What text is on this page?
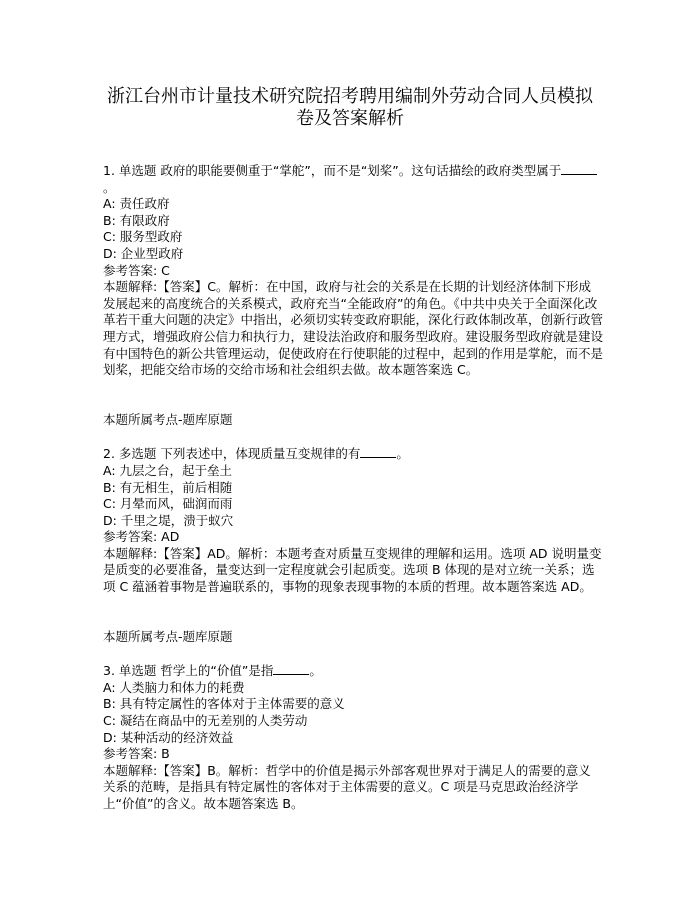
浙江台州市计量技术研究院招考聘用编制外劳动合同人员模拟
卷及答案解析

1. 单选题 政府的职能要侧重于“掌舵”，而不是“划桨”。这句话描绘的政府类型属于。

A: 责任政府

B: 有限政府

C: 服务型政府

D: 企业型政府

参考答案: C

本题解释:【答案】C。解析：在中国，政府与社会的关系是在长期的计划经济体制下形成发展起来的高度统合的关系模式，政府充当“全能政府”的角色。《中共中央关于全面深化改革若干重大问题的决定》中指出，必须切实转变政府职能，深化行政体制改革，创新行政管理方式，增强政府公信力和执行力，建设法治政府和服务型政府。建设服务型政府就是建设有中国特色的新公共管理运动，促使政府在行使职能的过程中，起到的作用是掌舵，而不是划桨，把能交给市场的交给市场和社会组织去做。故本题答案选 C。

本题所属考点-题库原题

2. 多选题 下列表述中，体现质量互变规律的有	。

A: 九层之台，起于垒土

B: 有无相生，前后相随

C: 月晕而风，础润而雨

D: 千里之堤，溃于蚁穴

参考答案: AD

本题解释:【答案】AD。解析：本题考查对质量互变规律的理解和运用。选项 AD 说明量变是质变的必要准备，量变达到一定程度就会引起质变。选项 B 体现的是对立统一关系；选项 C 蕴涵着事物是普遍联系的，事物的现象表现事物的本质的哲理。故本题答案选 AD。

本题所属考点-题库原题

3. 单选题 哲学上的“价值”是指	。

A: 人类脑力和体力的耗费

B: 具有特定属性的客体对于主体需要的意义

C: 凝结在商品中的无差别的人类劳动

D: 某种活动的经济效益

参考答案: B

本题解释:【答案】B。解析：哲学中的价值是揭示外部客观世界对于满足人的需要的意义关系的范畴，是指具有特定属性的客体对于主体需要的意义。C 项是马克思政治经济学上“价值”的含义。故本题答案选 B。
